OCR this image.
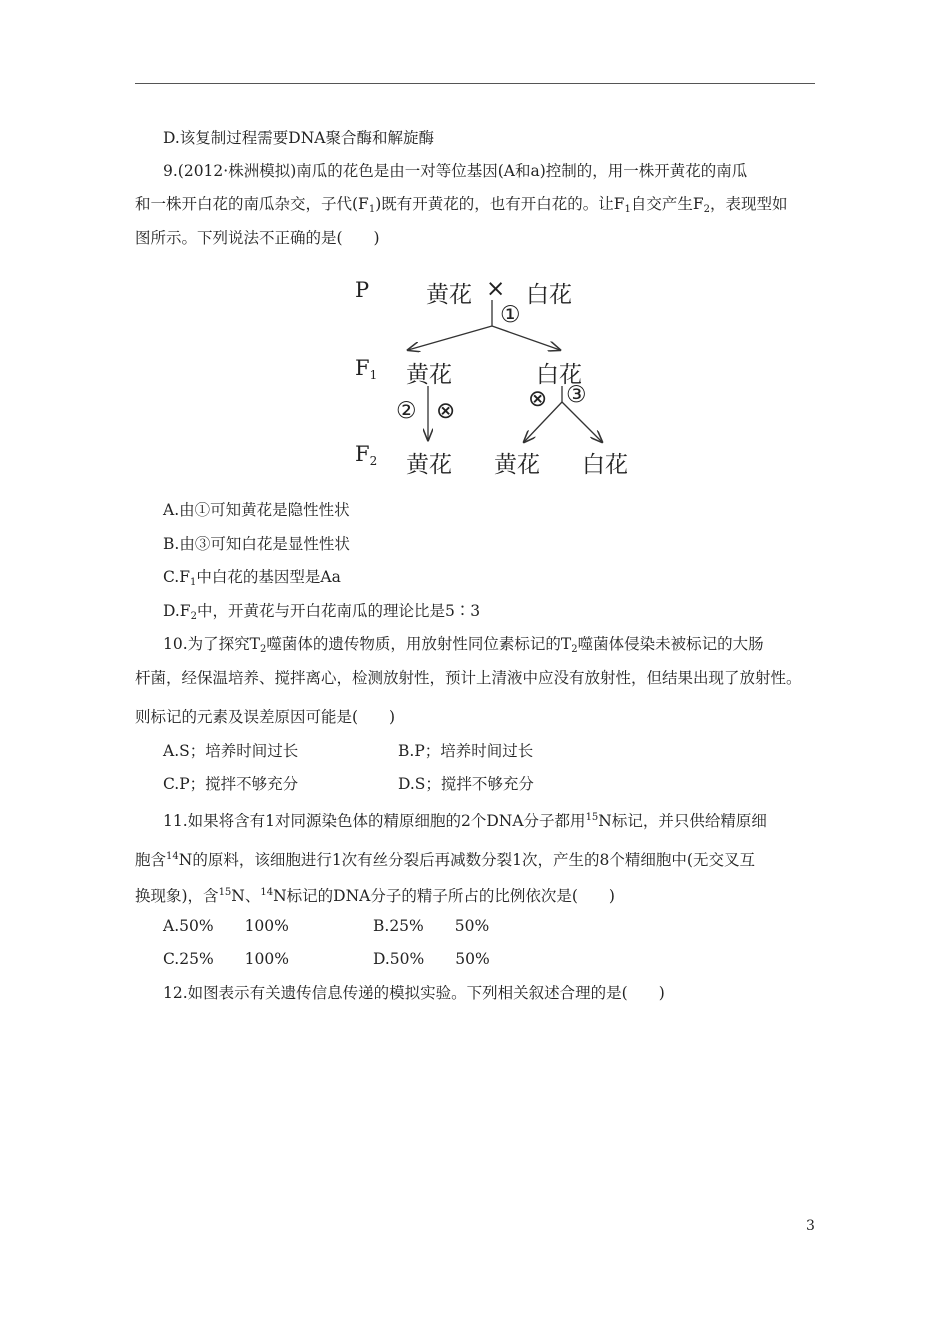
D.该复制过程需要DNA聚合酶和解旋酶
9.(2012·株洲模拟)南瓜的花色是由一对等位基因(A和a)控制的，用一株开黄花的南瓜
和一株开白花的南瓜杂交，子代$(F_1)$既有开黄花的，也有开白花的。让$F_1$自交产生$F_2$，表现型如
图所示。下列说法不正确的是(　　)
P
F1
F2
黄花 × 白花
①
黄花	白花
② ⊗	⊗ ③
黄花 黄花 白花
A.由①可知黄花是隐性性状
B.由③可知白花是显性性状
$C.F_1$中白花的基因型是Aa
$D.F_2$中，开黄花与开白花南瓜的理论比是5∶3
10.为了探究$T_2$噬菌体的遗传物质，用放射性同位素标记的$T_2$噬菌体侵染未被标记的大肠
杆菌，经保温培养、搅拌离心，检测放射性，预计上清液中应没有放射性，但结果出现了放射性。
则标记的元素及误差原因可能是(　　)
A.S；培养时间过长	B.P；培养时间过长
C.P；搅拌不够充分	D.S；搅拌不够充分
11.如果将含有1对同源染色体的精原细胞的2个DNA分子都用$^{15}$N标记，并只供给精原细
胞含$^{14}$N的原料，该细胞进行1次有丝分裂后再减数分裂1次，产生的8个精细胞中(无交叉互
换现象)，含$^{15}$N、$^{14}$N标记的DNA分子的精子所占的比例依次是(　　)
A.50%　　100%	B.25%　　50%
C.25%　　100%	D.50%　　50%
12.如图表示有关遗传信息传递的模拟实验。下列相关叙述合理的是(　　)
3
